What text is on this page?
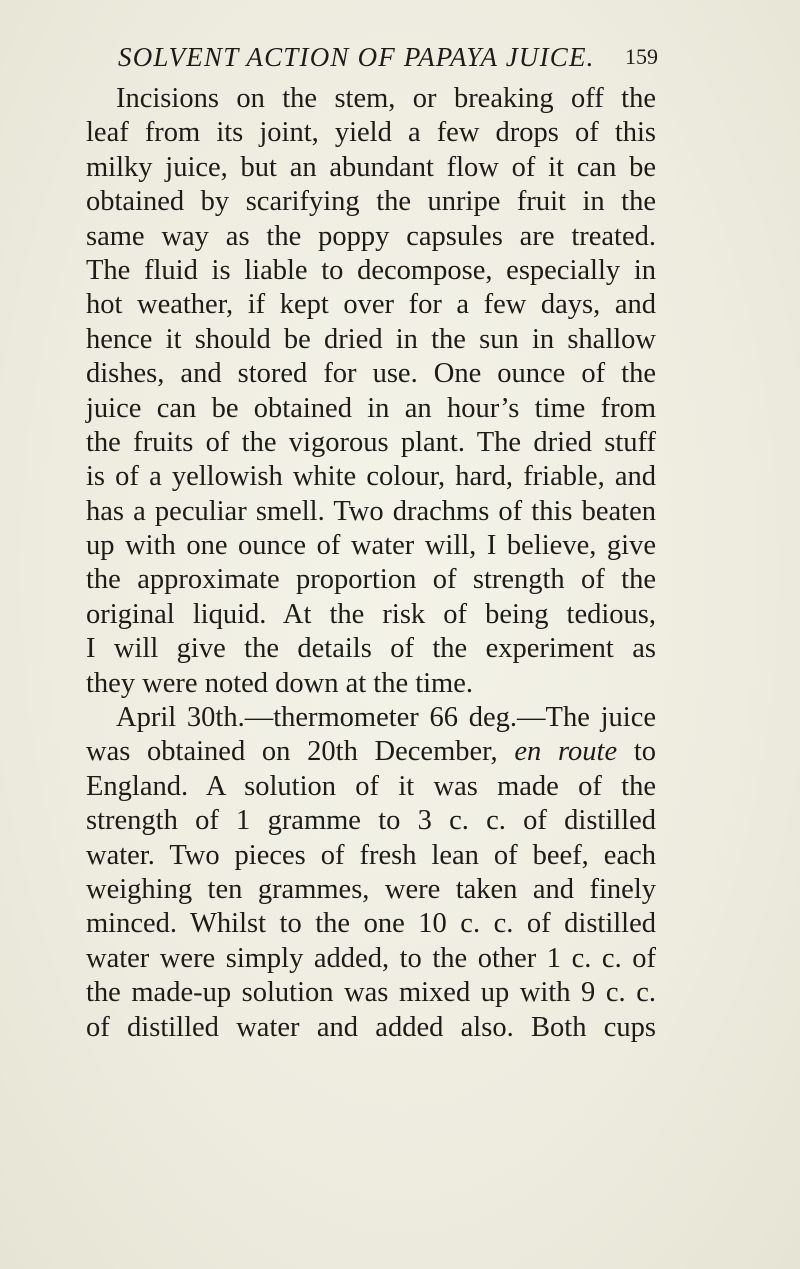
SOLVENT ACTION OF PAPAYA JUICE. 159
Incisions on the stem, or breaking off the
leaf from its joint, yield a few drops of this
milky juice, but an abundant flow of it can be
obtained by scarifying the unripe fruit in the
same way as the poppy capsules are treated.
The fluid is liable to decompose, especially in
hot weather, if kept over for a few days, and
hence it should be dried in the sun in shallow
dishes, and stored for use. One ounce of the
juice can be obtained in an hour’s time from
the fruits of the vigorous plant. The dried stuff
is of a yellowish white colour, hard, friable, and
has a peculiar smell. Two drachms of this beaten
up with one ounce of water will, I believe, give
the approximate proportion of strength of the
original liquid. At the risk of being tedious,
I will give the details of the experiment as
they were noted down at the time.
April 30th.—thermometer 66 deg.—The juice
was obtained on 20th December, en route to
England. A solution of it was made of the
strength of 1 gramme to 3 c. c. of distilled
water. Two pieces of fresh lean of beef, each
weighing ten grammes, were taken and finely
minced. Whilst to the one 10 c. c. of distilled
water were simply added, to the other 1 c. c. of
the made-up solution was mixed up with 9 c. c.
of distilled water and added also. Both cups
